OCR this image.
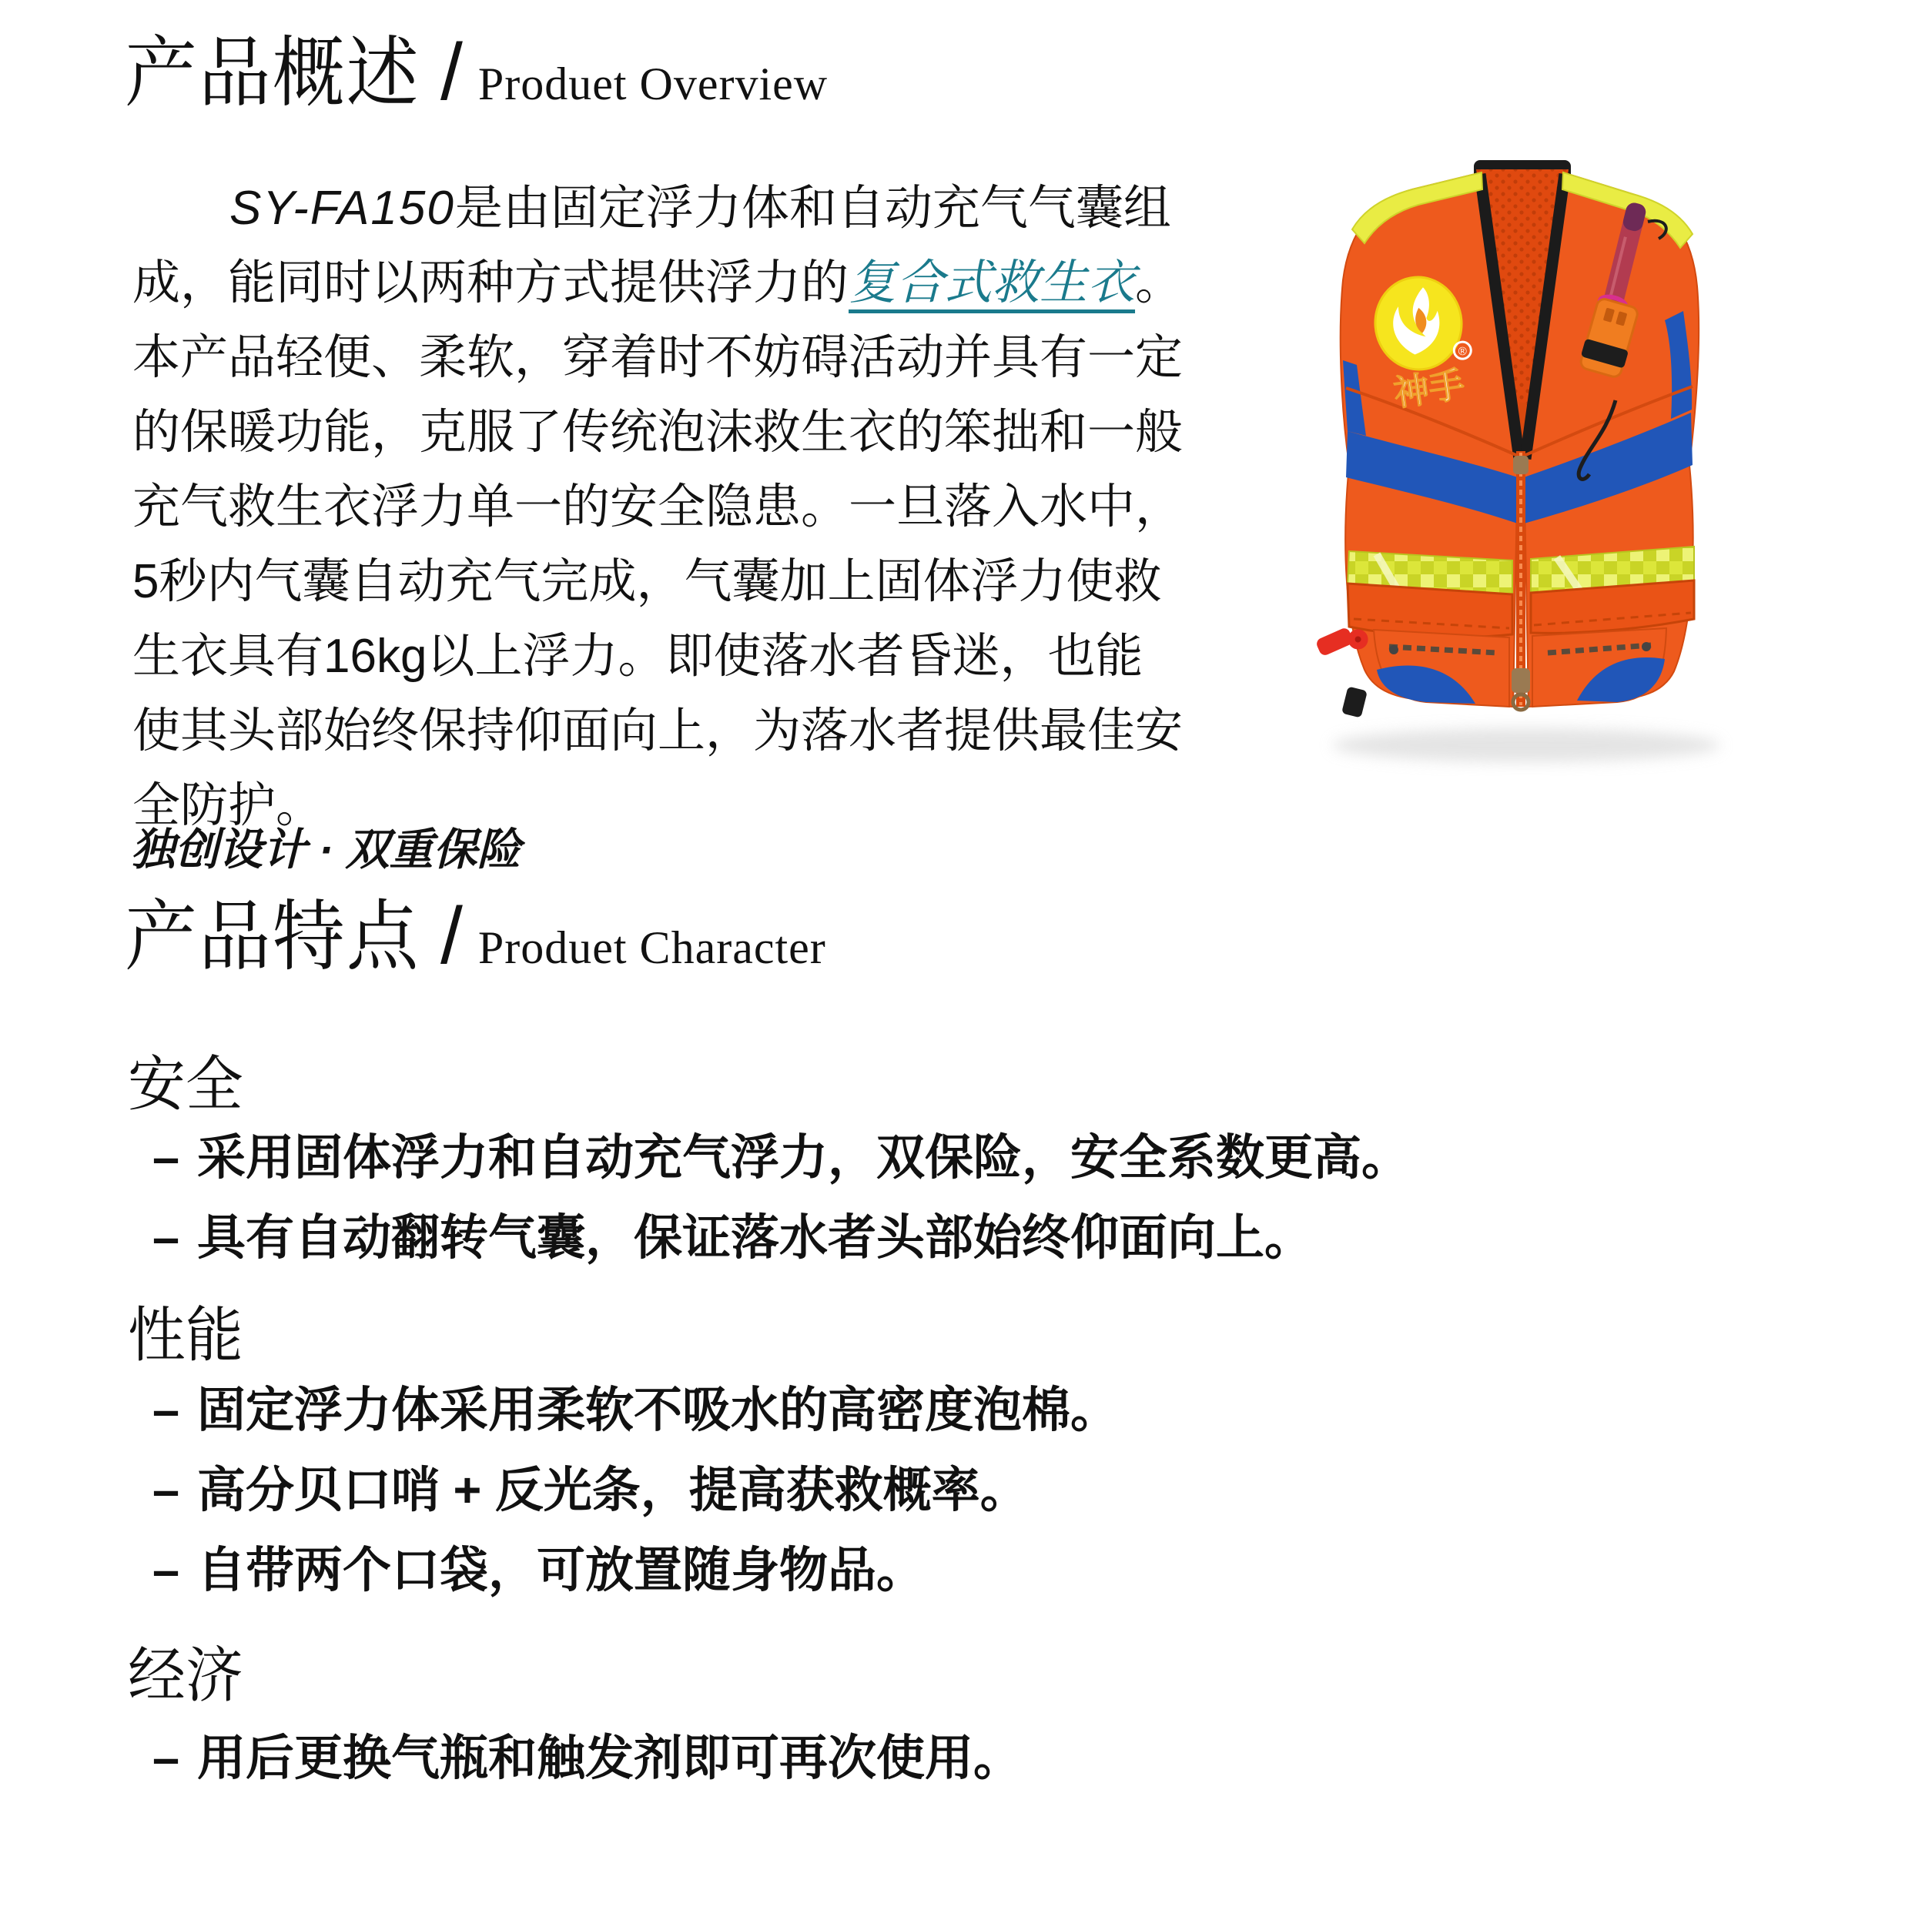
产品概述 / Produet Overview
SY-FA150是由固定浮力体和自动充气气囊组
成，能同时以两种方式提供浮力的复合式救生衣。
本产品轻便、柔软，穿着时不妨碍活动并具有一定
的保暖功能，克服了传统泡沫救生衣的笨拙和一般
充气救生衣浮力单一的安全隐患。一旦落入水中，
5秒内气囊自动充气完成，气囊加上固体浮力使救
生衣具有16kg以上浮力。即使落水者昏迷，也能
使其头部始终保持仰面向上，为落水者提供最佳安
全防护。
独创设计 · 双重保险
产品特点 / Produet Character
安全
– 采用固体浮力和自动充气浮力，双保险，安全系数更高。
– 具有自动翻转气囊，保证落水者头部始终仰面向上。
性能
– 固定浮力体采用柔软不吸水的高密度泡棉。
– 高分贝口哨 + 反光条，提高获救概率。
– 自带两个口袋，可放置随身物品。
经济
– 用后更换气瓶和触发剂即可再次使用。
®
神手
